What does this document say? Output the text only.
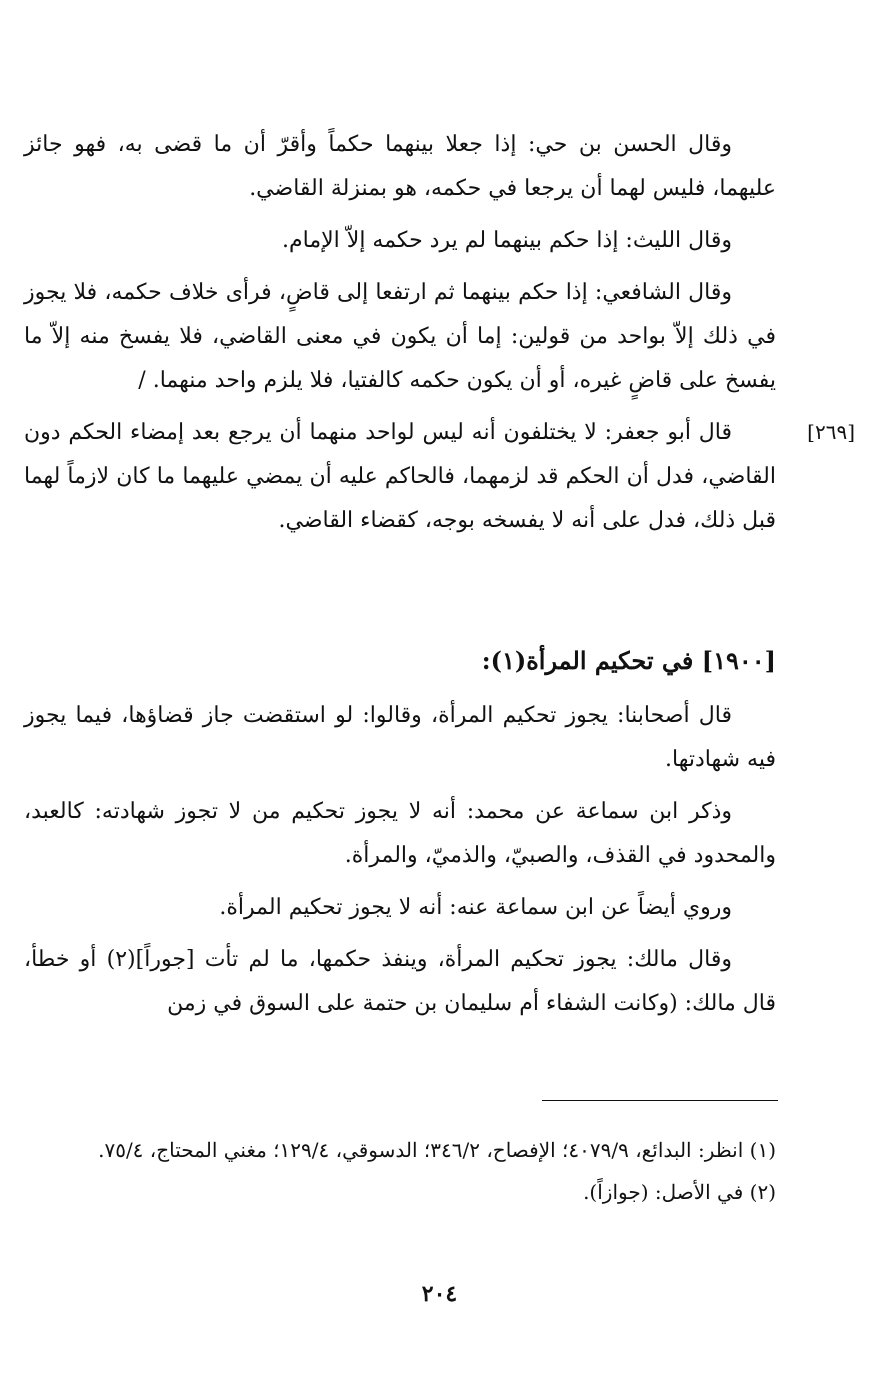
وقال الحسن بن حي: إذا جعلا بينهما حكماً وأقرّ أن ما قضى به، فهو جائز عليهما، فليس لهما أن يرجعا في حكمه، هو بمنزلة القاضي.

وقال الليث: إذا حكم بينهما لم يرد حكمه إلاّ الإمام.

وقال الشافعي: إذا حكم بينهما ثم ارتفعا إلى قاضٍ، فرأى خلاف حكمه، فلا يجوز في ذلك إلاّ بواحد من قولين: إما أن يكون في معنى القاضي، فلا يفسخ منه إلاّ ما يفسخ على قاضٍ غيره، أو أن يكون حكمه كالفتيا، فلا يلزم واحد منهما. /

قال أبو جعفر: لا يختلفون أنه ليس لواحد منهما أن يرجع بعد إمضاء الحكم دون القاضي، فدل أن الحكم قد لزمهما، فالحاكم عليه أن يمضي عليهما ما كان لازماً لهما قبل ذلك، فدل على أنه لا يفسخه بوجه، كقضاء القاضي.

[٢٦٩]
[١٩٠٠] في تحكيم المرأة(١):

قال أصحابنا: يجوز تحكيم المرأة، وقالوا: لو استقضت جاز قضاؤها، فيما يجوز فيه شهادتها.

وذكر ابن سماعة عن محمد: أنه لا يجوز تحكيم من لا تجوز شهادته: كالعبد، والمحدود في القذف، والصبيّ، والذميّ، والمرأة.

وروي أيضاً عن ابن سماعة عنه: أنه لا يجوز تحكيم المرأة.

وقال مالك: يجوز تحكيم المرأة، وينفذ حكمها، ما لم تأت [جوراً](٢) أو خطأ، قال مالك: (وكانت الشفاء أم سليمان بن حتمة على السوق في زمن

(١) انظر: البدائع، ٤٠٧٩/٩؛ الإفصاح، ٣٤٦/٢؛ الدسوقي، ١٢٩/٤؛ مغني المحتاج، ٧٥/٤.

(٢) في الأصل: (جوازاً).

٢٠٤
